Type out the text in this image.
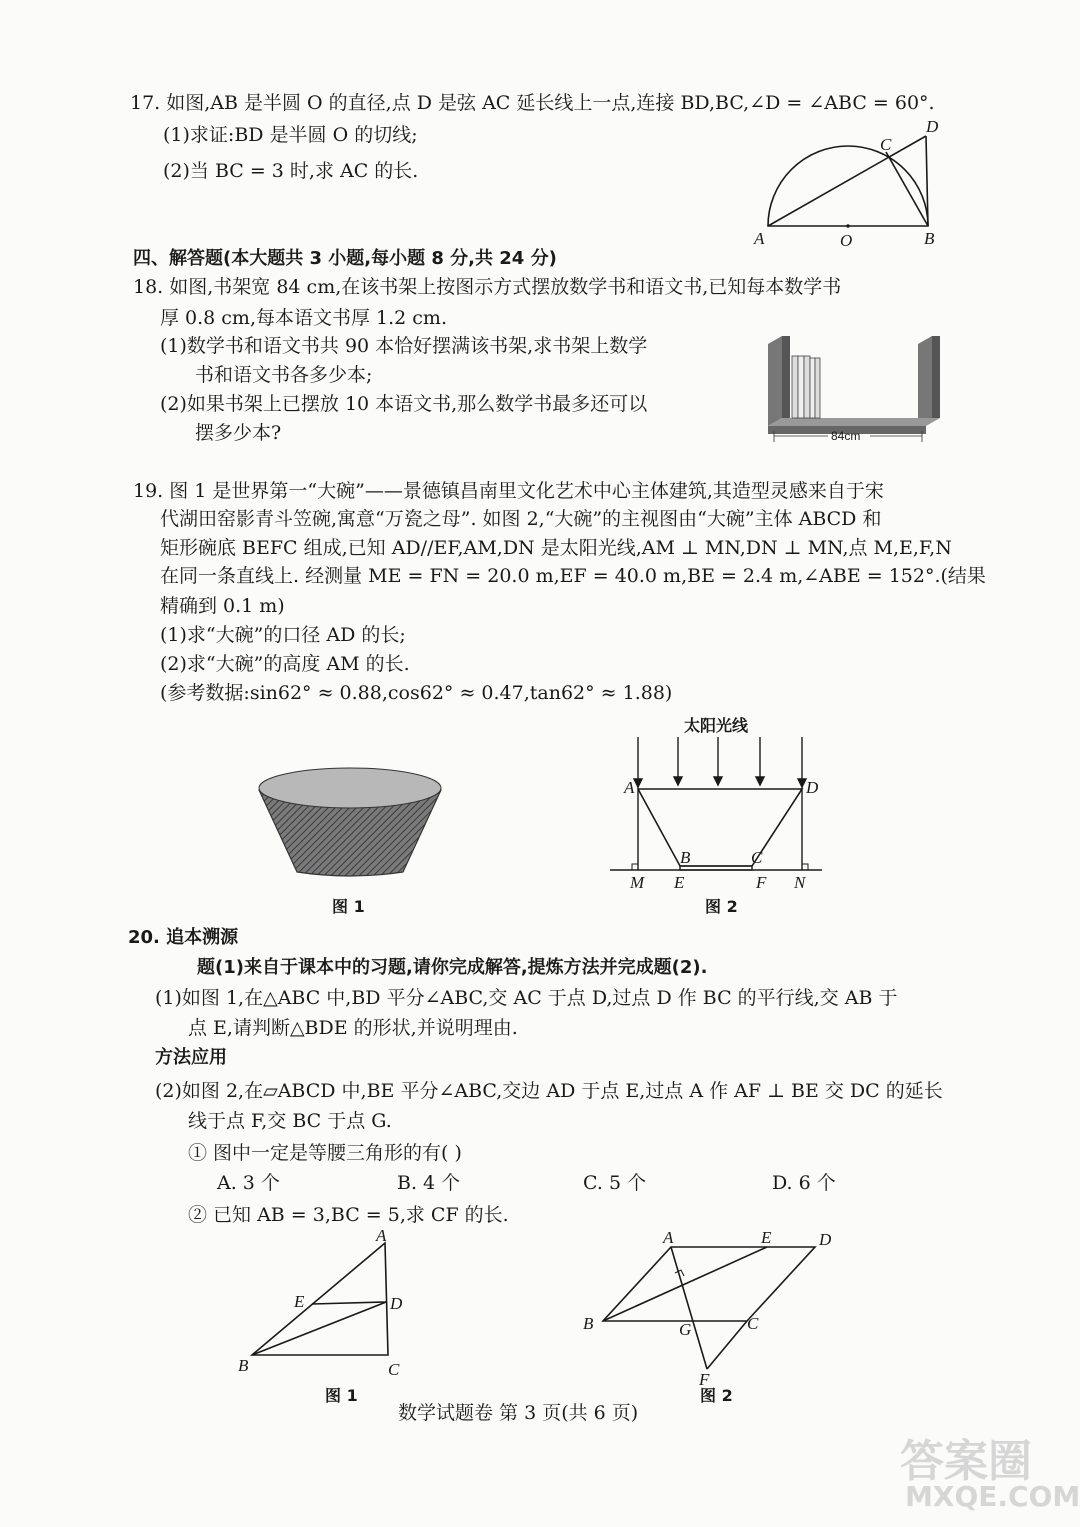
17. 如图,AB 是半圆 O 的直径,点 D 是弦 AC 延长线上一点,连接 BD,BC,∠D = ∠ABC = 60°.
(1)求证:BD 是半圆 O 的切线;
(2)当 BC = 3 时,求 AC 的长.
A	O	B
C
D
四、解答题(本大题共 3 小题,每小题 8 分,共 24 分)
18. 如图,书架宽 84 cm,在该书架上按图示方式摆放数学书和语文书,已知每本数学书
厚 0.8 cm,每本语文书厚 1.2 cm.
(1)数学书和语文书共 90 本恰好摆满该书架,求书架上数学
书和语文书各多少本;
(2)如果书架上已摆放 10 本语文书,那么数学书最多还可以
摆多少本?	84cm
19. 图 1 是世界第一“大碗”——景德镇昌南里文化艺术中心主体建筑,其造型灵感来自于宋
代湖田窑影青斗笠碗,寓意“万瓷之母”. 如图 2,“大碗”的主视图由“大碗”主体 ABCD 和
矩形碗底 BEFC 组成,已知 AD//EF,AM,DN 是太阳光线,AM ⊥ MN,DN ⊥ MN,点 M,E,F,N
在同一条直线上. 经测量 ME = FN = 20.0 m,EF = 40.0 m,BE = 2.4 m,∠ABE = 152°.(结果
精确到 0.1 m)
(1)求“大碗”的口径 AD 的长;
(2)求“大碗”的高度 AM 的长.
(参考数据:sin62° ≈ 0.88,cos62° ≈ 0.47,tan62° ≈ 1.88)
图 1
A	D
B	C
M E	F N
太阳光线
图 2
20. 追本溯源
题(1)来自于课本中的习题,请你完成解答,提炼方法并完成题(2).
(1)如图 1,在△ABC 中,BD 平分∠ABC,交 AC 于点 D,过点 D 作 BC 的平行线,交 AB 于
点 E,请判断△BDE 的形状,并说明理由.
方法应用
(2)如图 2,在▱ABCD 中,BE 平分∠ABC,交边 AD 于点 E,过点 A 作 AF ⊥ BE 交 DC 的延长
线于点 F,交 BC 于点 G.
① 图中一定是等腰三角形的有( )
A. 3 个	B. 4 个	C. 5 个	D. 6 个
② 已知 AB = 3,BC = 5,求 CF 的长.
A
E	D
B	C
图 1
A	E	D
B	G	C
F
图 2
数学试题卷 第 3 页(共 6 页)
答案圈
MXQE.COM
